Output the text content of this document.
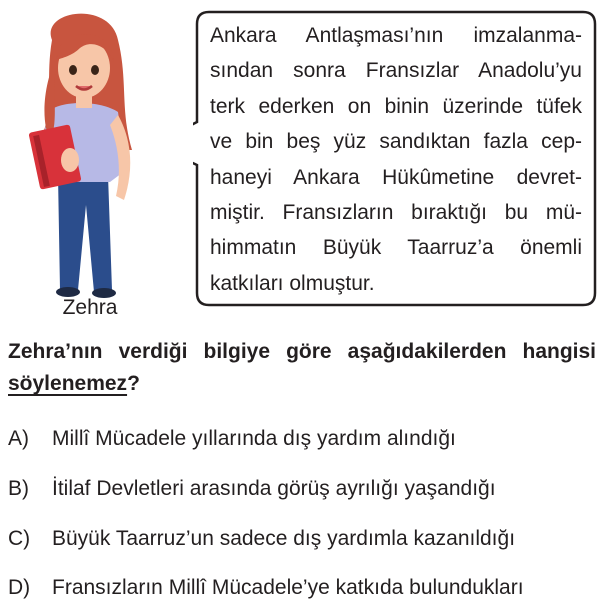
Zehra
Ankara Antlaşması’nın imzalanma-
sından sonra Fransızlar Anadolu’yu
terk ederken on binin üzerinde tüfek
ve bin beş yüz sandıktan fazla cep-
haneyi Ankara Hükûmetine devret-
miştir. Fransızların bıraktığı bu mü-
himmatın Büyük Taarruz’a önemli
katkıları olmuştur.
Zehra’nın verdiği bilgiye göre aşağıdakilerden hangisi
söylenemez?
A) Millî Mücadele yıllarında dış yardım alındığı
B) İtilaf Devletleri arasında görüş ayrılığı yaşandığı
C) Büyük Taarruz’un sadece dış yardımla kazanıldığı
D) Fransızların Millî Mücadele’ye katkıda bulundukları
